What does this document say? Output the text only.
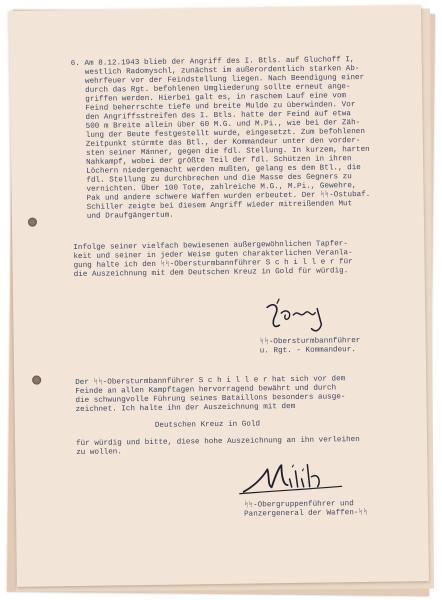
6. Am 8.12.1943 blieb der Angriff des I. Btls. auf Gluchoff I,
westlich Radomyschl, zunächst im außerordentlich starken Ab-
wehrfeuer vor der Feindstellung liegen. Nach Beendigung einer
durch das Rgt. befohlenen Umgliederung sollte erneut ange-
griffen werden. Hierbei galt es, in raschem Lauf eine vom
Feind beherrschte tiefe und breite Mulde zu überwinden. Vor
den Angriffsstreifen des I. Btls. hatte der Feind auf etwa
500 m Breite allein über 60 M.G. und M.Pi., wie bei der Zäh-
lung der Beute festgestellt wurde, eingesetzt. Zum befohlenen
Zeitpunkt stürmte das Btl., der Kommandeur unter den vorder-
sten seiner Männer, gegen die fdl. Stellung. In kurzem, harten
Nahkampf, wobei der größte Teil der fdl. Schützen in ihren
Löchern niedergemacht werden mußten, gelang es dem Btl., die
fdl. Stellung zu durchbrechen und die Masse des Gegners zu
vernichten. Über 100 Tote, zahlreiche M.G., M.Pi., Gewehre,
Pak und andere schwere Waffen wurden erbeutet. Der ᛋᛋ-Ostubaf.
Schiller zeigte bei diesem Angriff wieder mitreißenden Mut
und Draufgängertum.
Infolge seiner vielfach bewiesenen außergewöhnlichen Tapfer-
keit und seiner in jeder Weise guten charakterlichen Veranla-
gung halte ich den ᛋᛋ-Obersturmbannführer S c h i l l e r für
die Auszeichnung mit dem Deutschen Kreuz in Gold für würdig.
ᛋᛋ-Obersturmbannführer
u. Rgt. - Kommandeur.
Der ᛋᛋ-Obersturmbannführer S c h i l l e r hat sich vor dem
Feinde an allen Kampftagen hervorragend bewährt und durch
die schwungvolle Führung seines Bataillons besonders ausge-
zeichnet. Ich halte ihn der Auszeichnung mit dem
Deutschen Kreuz in Gold
für würdig und bitte, diese hohe Auszeichnung an ihn verleihen
zu wollen.
ᛋᛋ-Obergruppenführer und
Panzergeneral der Waffen-ᛋᛋ
